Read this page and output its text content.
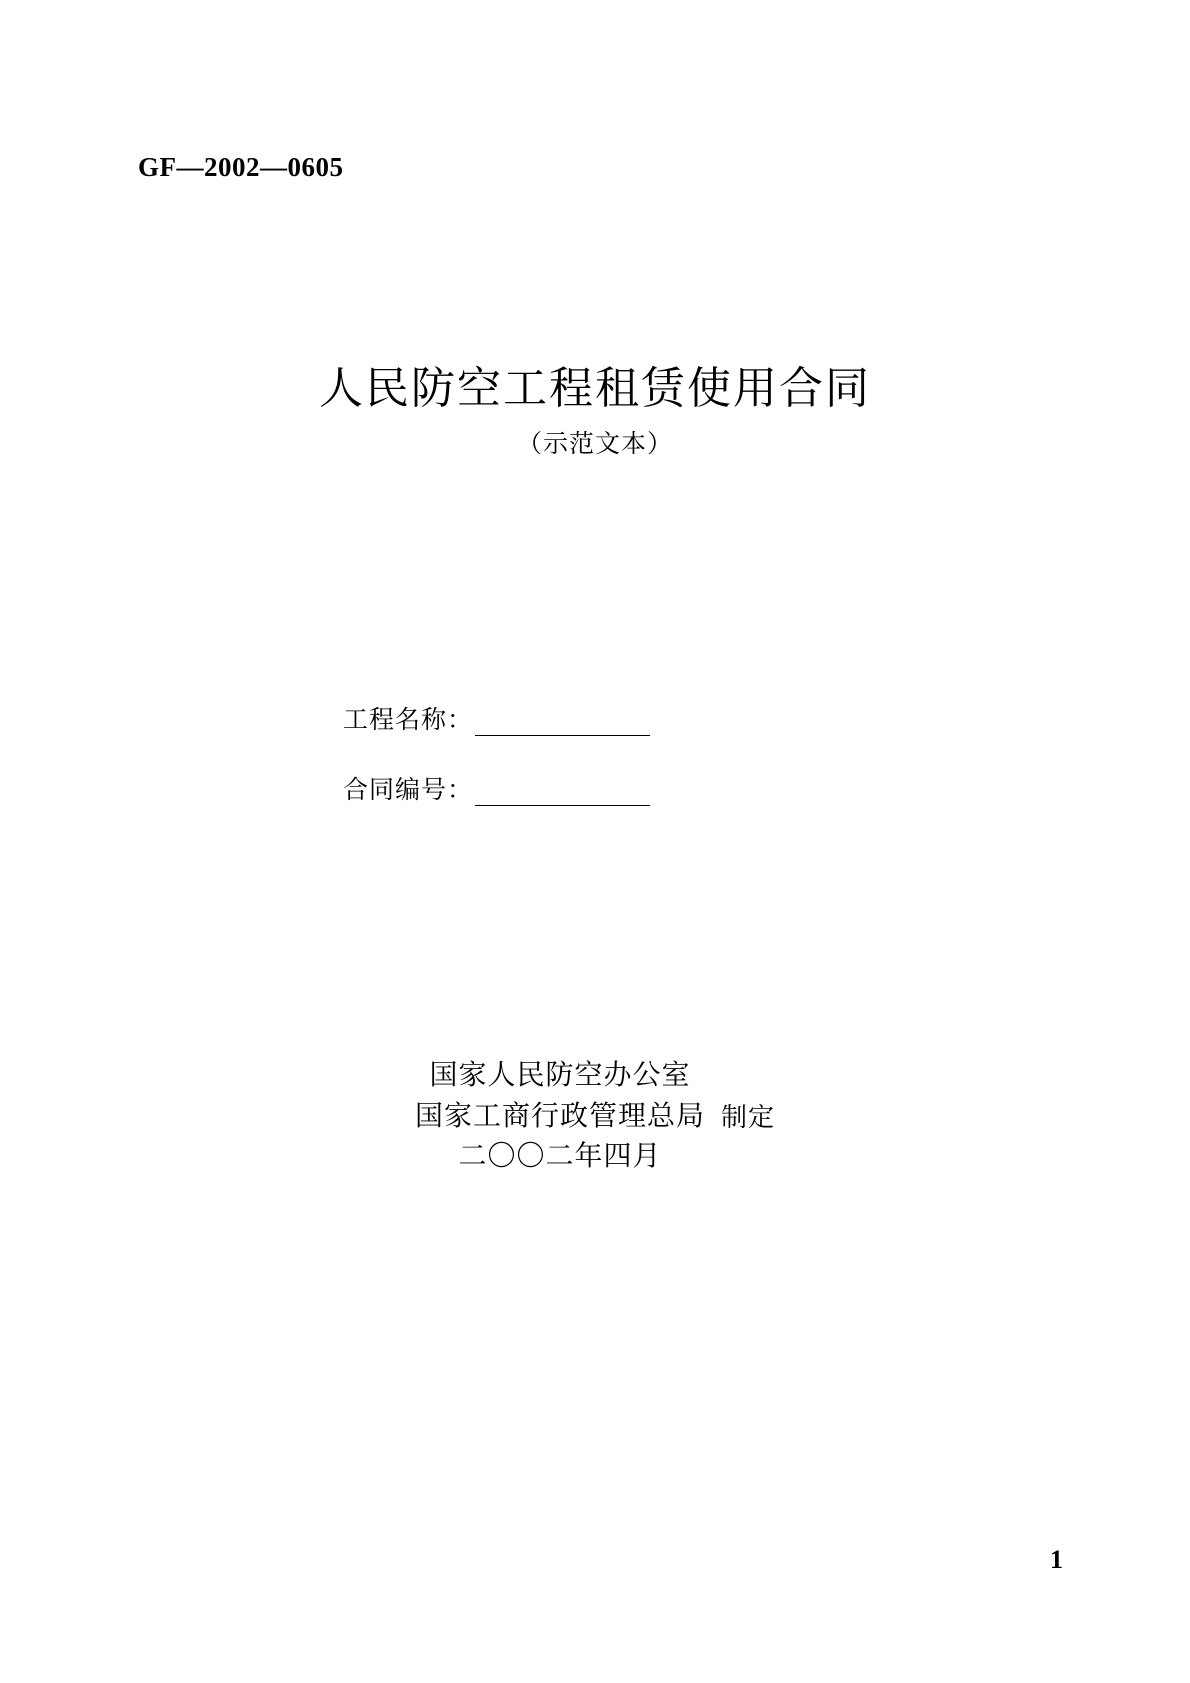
GF—2002—0605
人民防空工程租赁使用合同
（示范文本）
工程名称：
合同编号：
国家人民防空办公室
国家工商行政管理总局
二〇〇二年四月
制定
1
